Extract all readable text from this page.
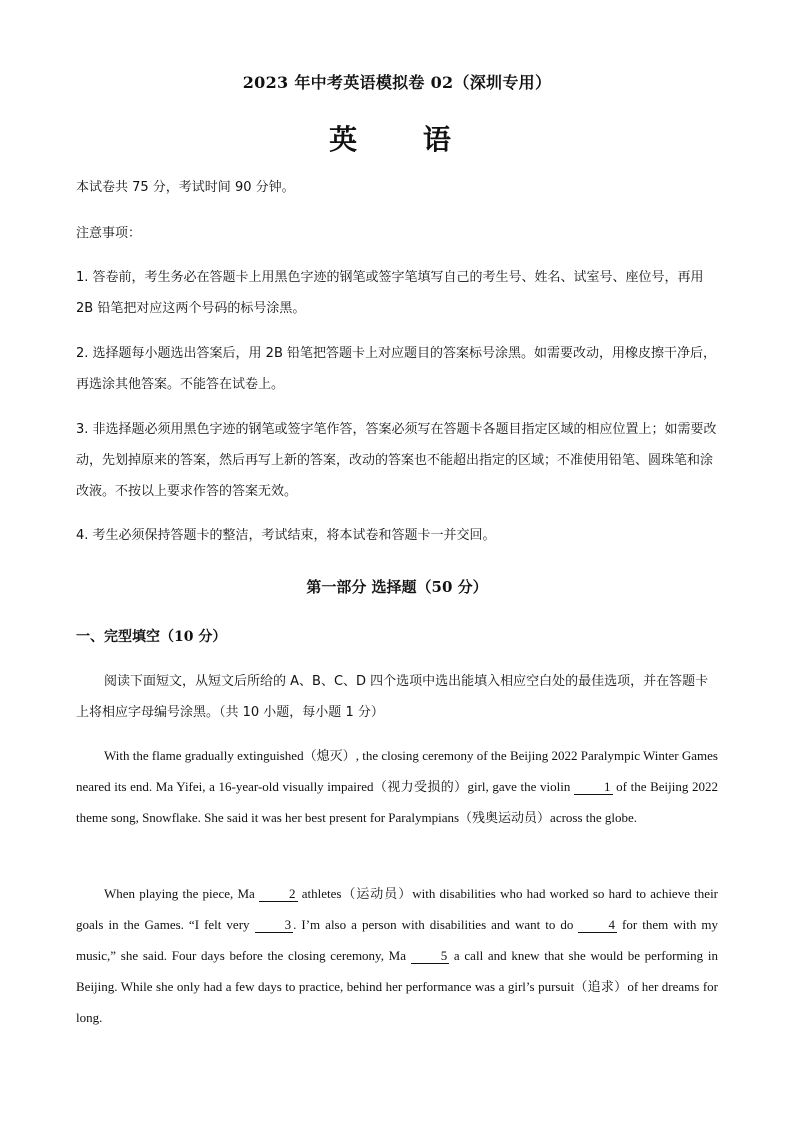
2023 年中考英语模拟卷 02（深圳专用）
英 语
本试卷共 75 分，考试时间 90 分钟。
注意事项：
1. 答卷前，考生务必在答题卡上用黑色字迹的钢笔或签字笔填写自己的考生号、姓名、试室号、座位号，再用 2B 铅笔把对应这两个号码的标号涂黑。
2. 选择题每小题选出答案后，用 2B 铅笔把答题卡上对应题目的答案标号涂黑。如需要改动，用橡皮擦干净后，再选涂其他答案。不能答在试卷上。
3. 非选择题必须用黑色字迹的钢笔或签字笔作答，答案必须写在答题卡各题目指定区域的相应位置上；如需要改动，先划掉原来的答案，然后再写上新的答案，改动的答案也不能超出指定的区域；不准使用铅笔、圆珠笔和涂改液。不按以上要求作答的答案无效。
4. 考生必须保持答题卡的整洁，考试结束，将本试卷和答题卡一并交回。
第一部分 选择题（50 分）
一、完型填空（10 分）
阅读下面短文，从短文后所给的 A、B、C、D 四个选项中选出能填入相应空白处的最佳选项，并在答题卡上将相应字母编号涂黑。（共 10 小题，每小题 1 分）
With the flame gradually extinguished（熄灭）, the closing ceremony of the Beijing 2022 Paralympic Winter Games neared its end. Ma Yifei, a 16-year-old visually impaired（视力受损的）girl, gave the violin 1 of the Beijing 2022 theme song, Snowflake. She said it was her best present for Paralympians（残奥运动员）across the globe.
When playing the piece, Ma 2 athletes（运动员）with disabilities who had worked so hard to achieve their goals in the Games. “I felt very 3 . I’m also a person with disabilities and want to do 4 for them with my music,” she said. Four days before the closing ceremony, Ma 5 a call and knew that she would be performing in Beijing. While she only had a few days to practice, behind her performance was a girl’s pursuit（追求）of her dreams for long.
